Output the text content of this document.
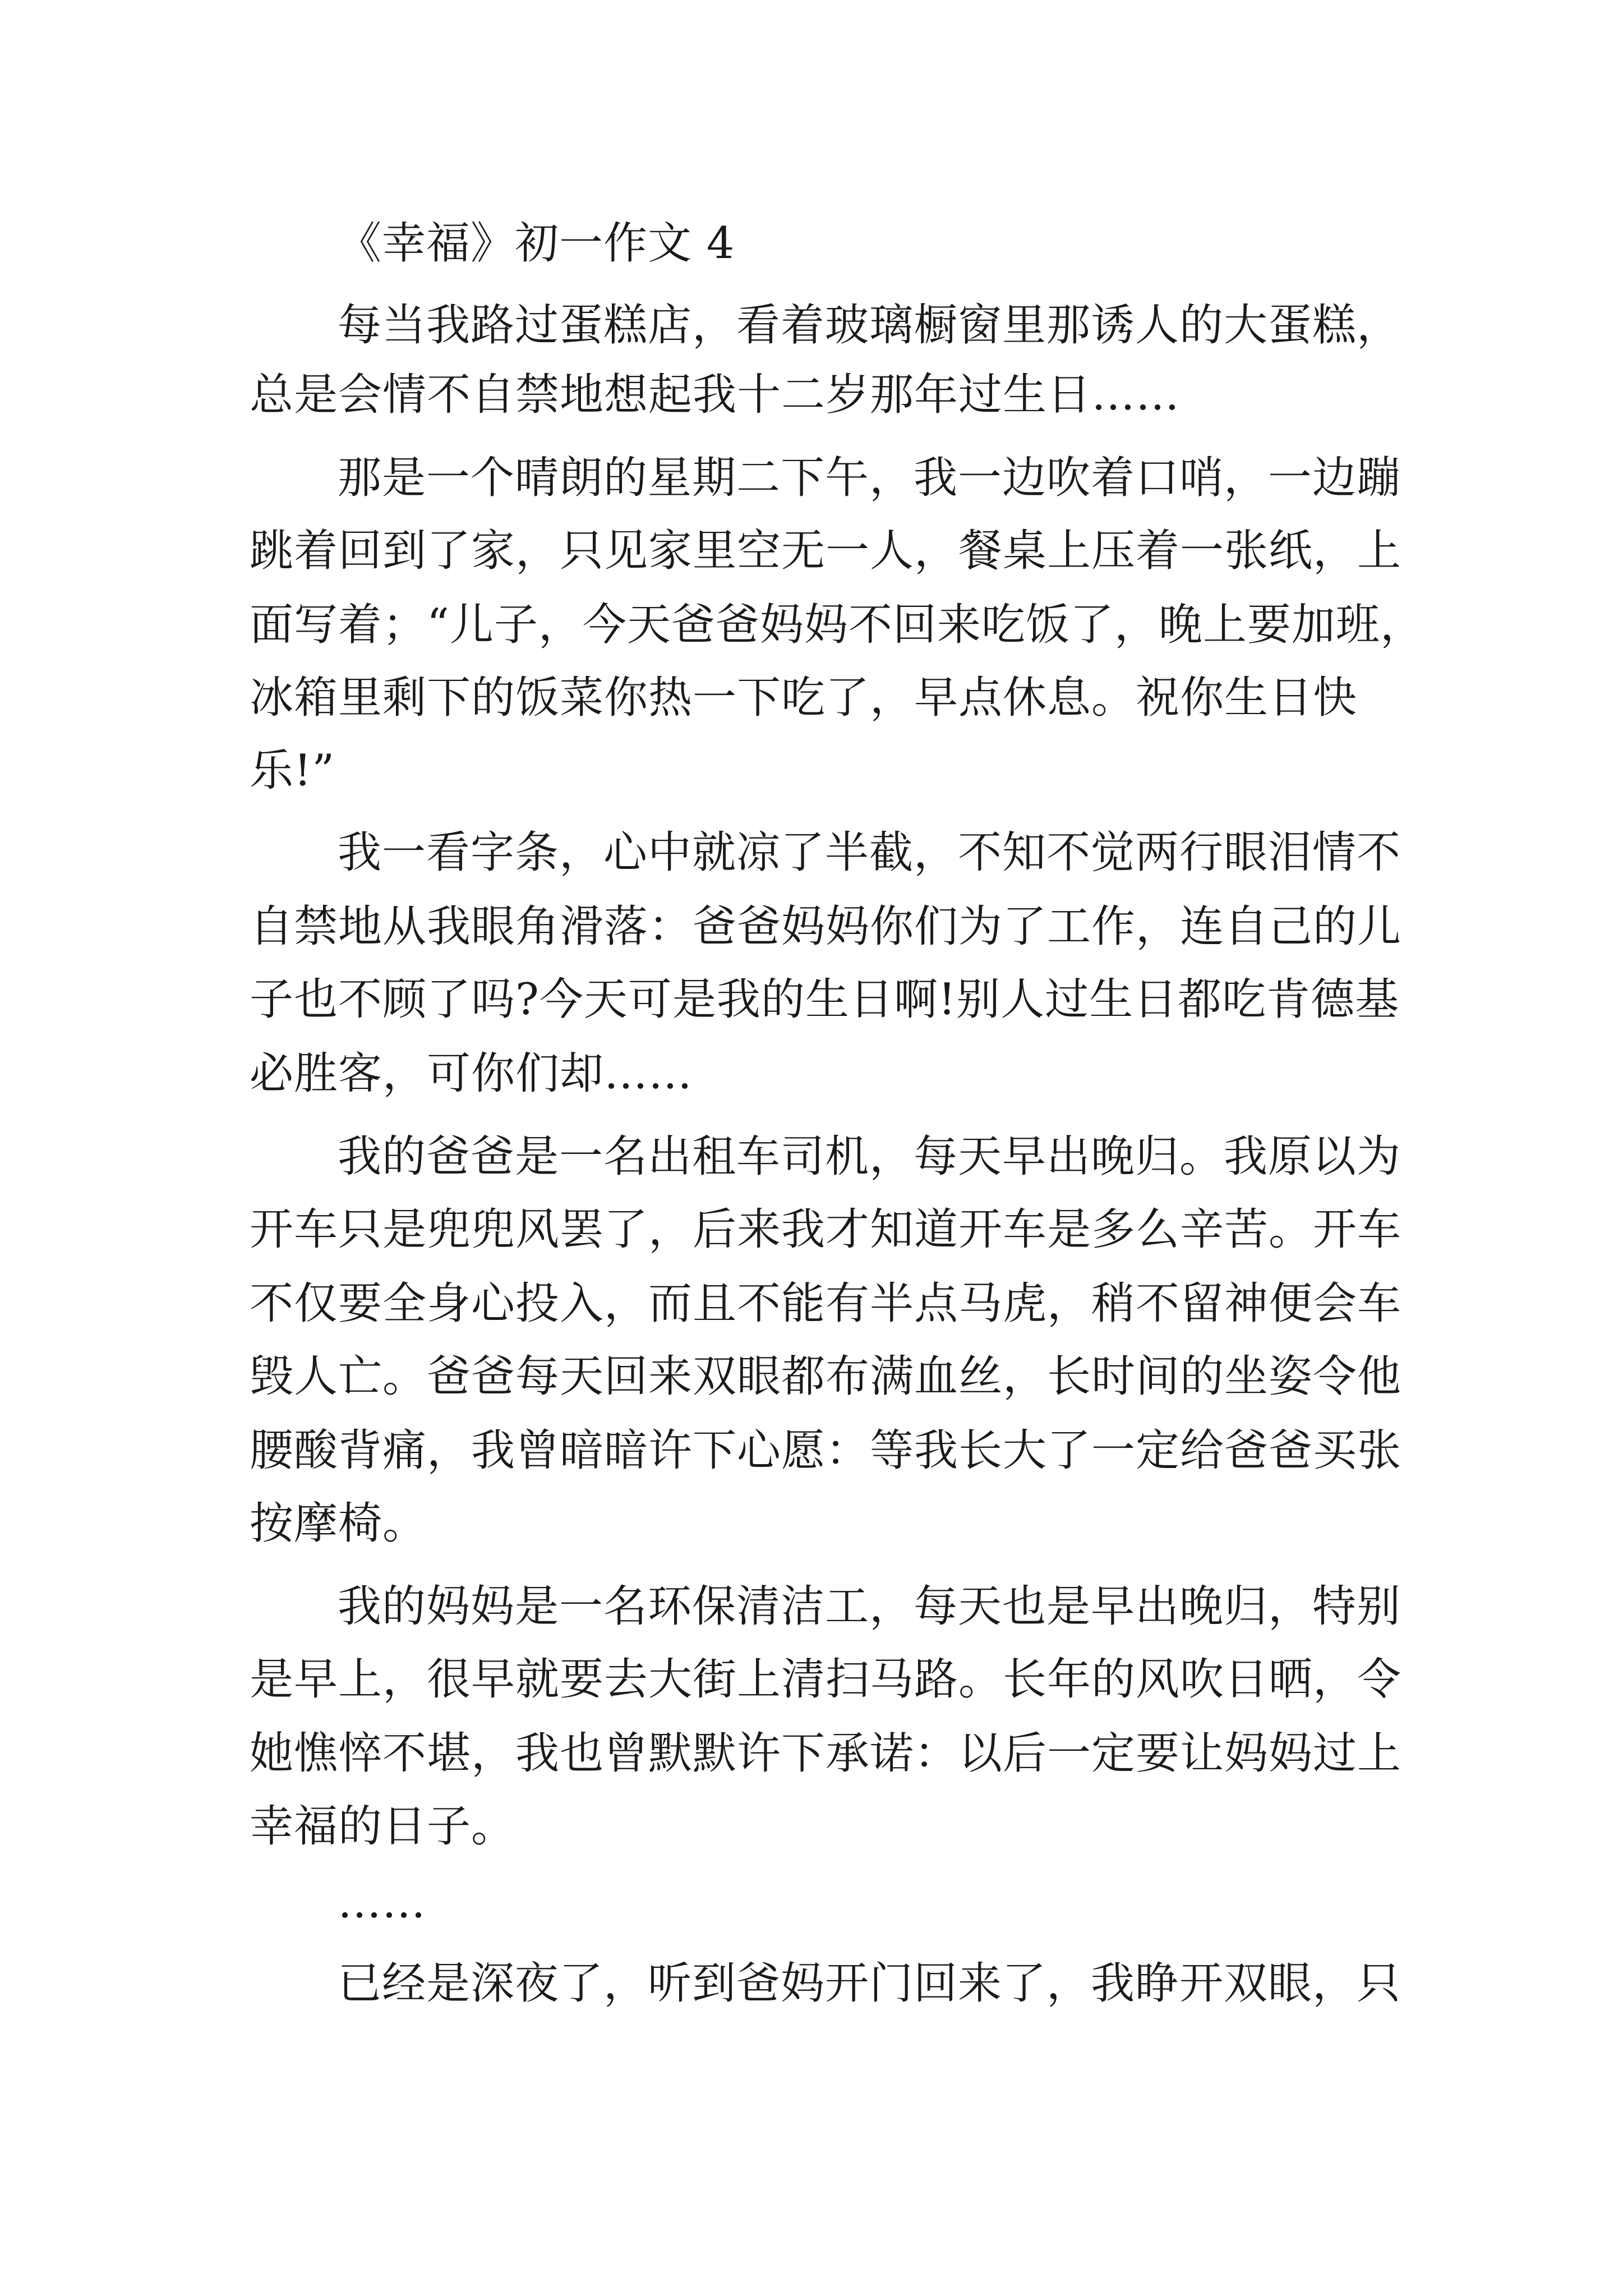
《幸福》初一作文 4

每当我路过蛋糕店，看着玻璃橱窗里那诱人的大蛋糕，

总是会情不自禁地想起我十二岁那年过生日……

那是一个晴朗的星期二下午，我一边吹着口哨，一边蹦

跳着回到了家，只见家里空无一人，餐桌上压着一张纸，上

面写着；“儿子，今天爸爸妈妈不回来吃饭了，晚上要加班，

冰箱里剩下的饭菜你热一下吃了，早点休息。祝你生日快

乐!”

我一看字条，心中就凉了半截，不知不觉两行眼泪情不

自禁地从我眼角滑落：爸爸妈妈你们为了工作，连自己的儿

子也不顾了吗?今天可是我的生日啊!别人过生日都吃肯德基

必胜客，可你们却……

我的爸爸是一名出租车司机，每天早出晚归。我原以为

开车只是兜兜风罢了，后来我才知道开车是多么辛苦。开车

不仅要全身心投入，而且不能有半点马虎，稍不留神便会车

毁人亡。爸爸每天回来双眼都布满血丝，长时间的坐姿令他

腰酸背痛，我曾暗暗许下心愿：等我长大了一定给爸爸买张

按摩椅。

我的妈妈是一名环保清洁工，每天也是早出晚归，特别

是早上，很早就要去大街上清扫马路。长年的风吹日晒，令

她憔悴不堪，我也曾默默许下承诺：以后一定要让妈妈过上

幸福的日子。

……

已经是深夜了，听到爸妈开门回来了，我睁开双眼，只
